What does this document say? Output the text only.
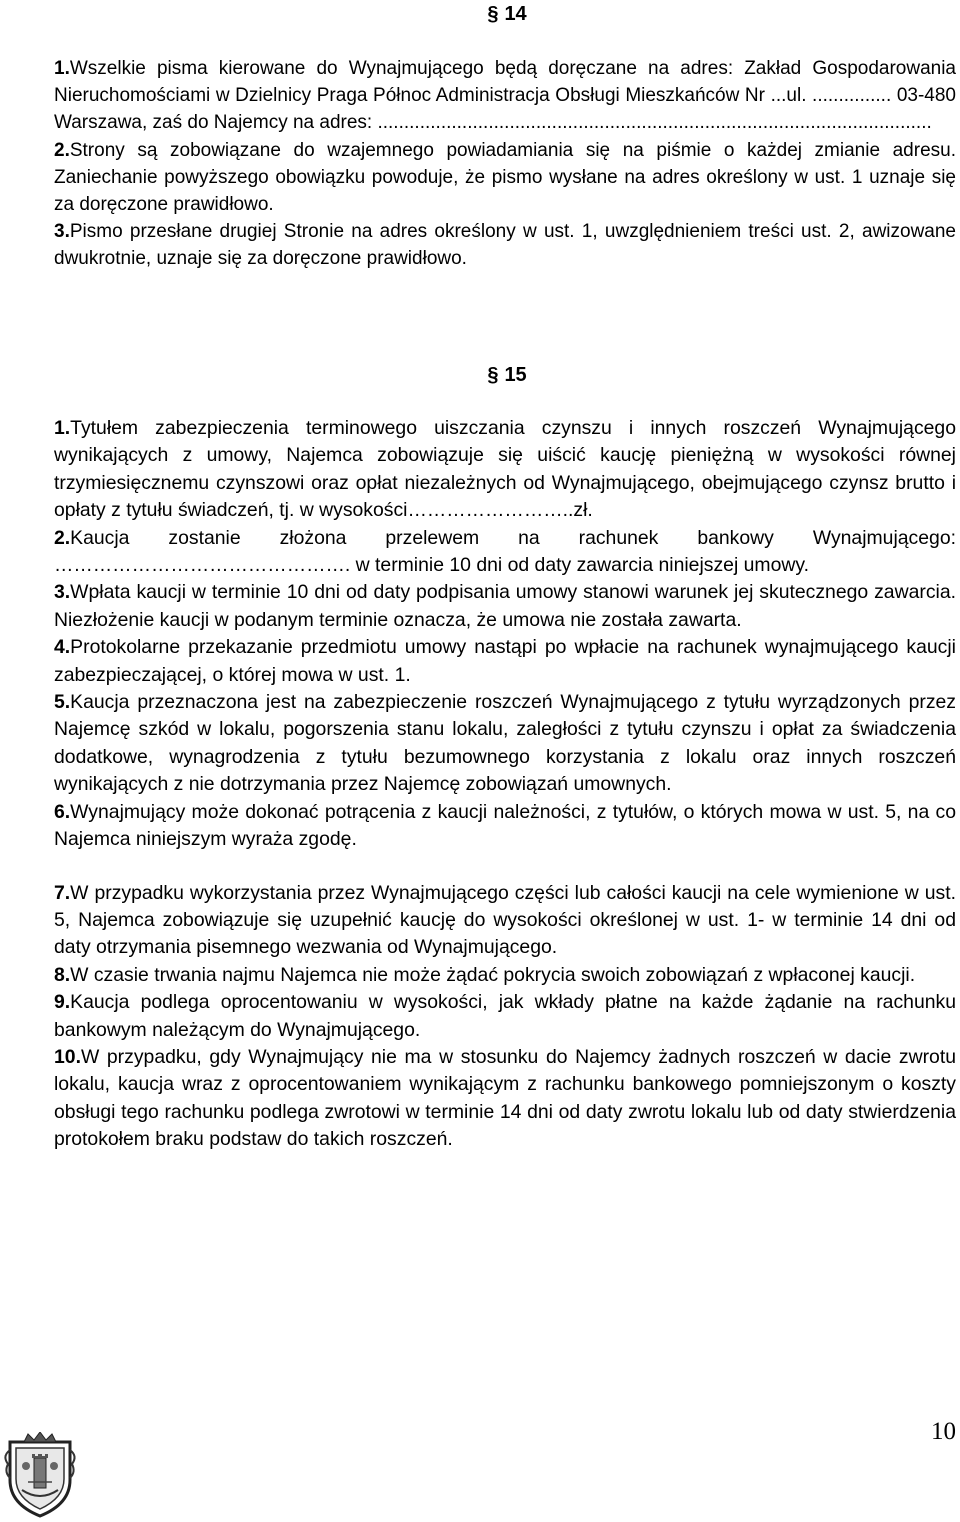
§ 14

1.Wszelkie pisma kierowane do Wynajmującego będą doręczane na adres: Zakład Gospodarowania Nieruchomościami w Dzielnicy Praga Północ Administracja Obsługi Mieszkańców Nr ...ul. ............... 03-480 Warszawa, zaś do Najemcy na adres: .........................................................................................................

2.Strony są zobowiązane do wzajemnego powiadamiania się na piśmie o każdej zmianie adresu. Zaniechanie powyższego obowiązku powoduje, że pismo wysłane na adres określony w ust. 1 uznaje się za doręczone prawidłowo.

3.Pismo przesłane drugiej Stronie na adres określony w ust. 1, uwzględnieniem treści ust. 2, awizowane dwukrotnie, uznaje się za doręczone prawidłowo.

§ 15

1.Tytułem zabezpieczenia terminowego uiszczania czynszu i innych roszczeń Wynajmującego wynikających z umowy, Najemca zobowiązuje się uiścić kaucję pieniężną w wysokości równej trzymiesięcznemu czynszowi oraz opłat niezależnych od Wynajmującego, obejmującego czynsz brutto i opłaty z tytułu świadczeń, tj. w wysokości……………………..zł.

2.Kaucja zostanie złożona przelewem na rachunek bankowy Wynajmującego: ………………………………………. w terminie 10 dni od daty zawarcia niniejszej umowy.

3.Wpłata kaucji w terminie 10 dni od daty podpisania umowy stanowi warunek jej skutecznego zawarcia. Niezłożenie kaucji w podanym terminie oznacza, że umowa nie została zawarta.

4.Protokolarne przekazanie przedmiotu umowy nastąpi po wpłacie na rachunek wynajmującego kaucji zabezpieczającej, o której mowa w ust. 1.

5.Kaucja przeznaczona jest na zabezpieczenie roszczeń Wynajmującego z tytułu wyrządzonych przez Najemcę szkód w lokalu, pogorszenia stanu lokalu, zaległości z tytułu czynszu i opłat za świadczenia dodatkowe, wynagrodzenia z tytułu bezumownego korzystania z lokalu oraz innych roszczeń wynikających z nie dotrzymania przez Najemcę zobowiązań umownych.

6.Wynajmujący może dokonać potrącenia z kaucji należności, z tytułów, o których mowa w ust. 5, na co Najemca niniejszym wyraża zgodę.

7.W przypadku wykorzystania przez Wynajmującego części lub całości kaucji na cele wymienione w ust. 5, Najemca zobowiązuje się uzupełnić kaucję do wysokości określonej w ust. 1- w terminie 14 dni od daty otrzymania pisemnego wezwania od Wynajmującego.

8.W czasie trwania najmu Najemca nie może żądać pokrycia swoich zobowiązań z wpłaconej kaucji.

9.Kaucja podlega oprocentowaniu w wysokości, jak wkłady płatne na każde żądanie na rachunku bankowym należącym do Wynajmującego.

10.W przypadku, gdy Wynajmujący nie ma w stosunku do Najemcy żadnych roszczeń w dacie zwrotu lokalu, kaucja wraz z oprocentowaniem wynikającym z rachunku bankowego pomniejszonym o koszty obsługi tego rachunku podlega zwrotowi w terminie 14 dni od daty zwrotu lokalu lub od daty stwierdzenia protokołem braku podstaw do takich roszczeń.

10
